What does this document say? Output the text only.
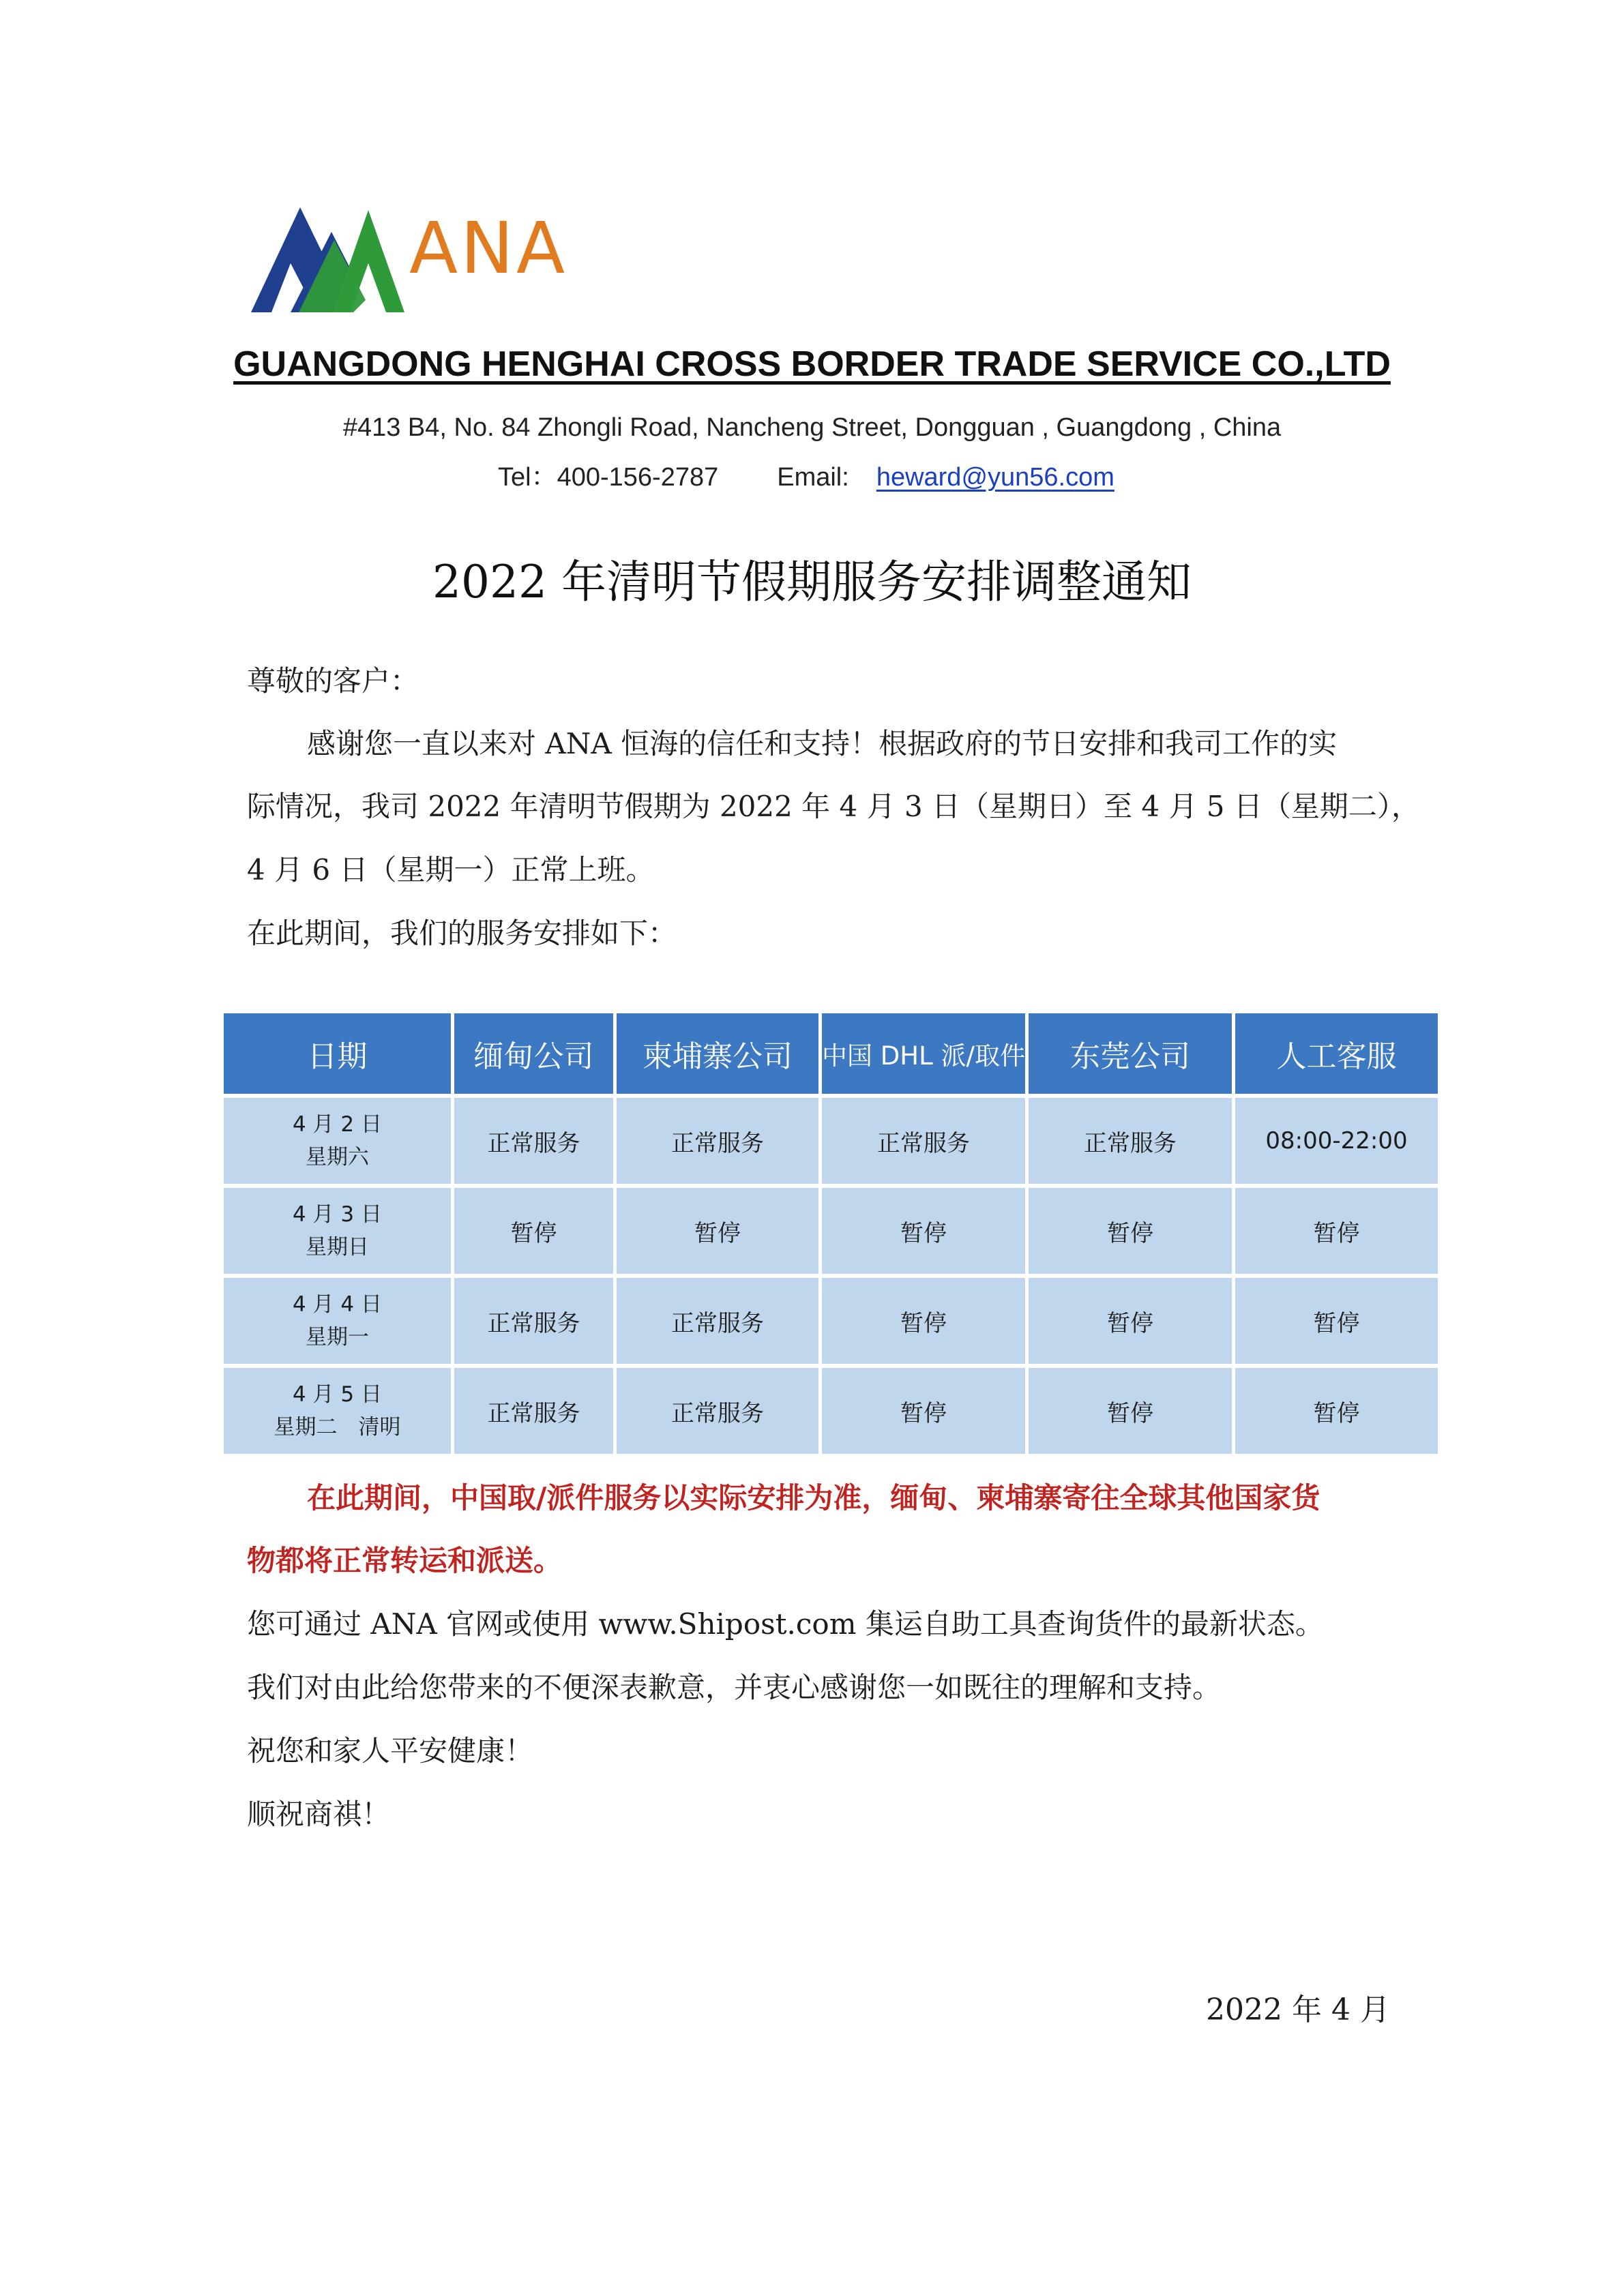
ANA
GUANGDONG HENGHAI CROSS BORDER TRADE SERVICE CO.,LTD
#413 B4, No. 84 Zhongli Road, Nancheng Street, Dongguan , Guangdong , China
Tel：400-156-2787 Email: heward@yun56.com
2022 年清明节假期服务安排调整通知
尊敬的客户：
感谢您一直以来对 ANA 恒海的信任和支持！根据政府的节日安排和我司工作的实
际情况，我司 2022 年清明节假期为 2022 年 4 月 3 日（星期日）至 4 月 5 日（星期二），
4 月 6 日（星期一）正常上班。
在此期间，我们的服务安排如下：
日期	缅甸公司	柬埔寨公司	中国 DHL 派/取件	东莞公司	人工客服
4 月 2 日
星期六	正常服务	正常服务	正常服务	正常服务	08:00-22:00
4 月 3 日
星期日	暂停	暂停	暂停	暂停	暂停
4 月 4 日
星期一	正常服务	正常服务	暂停	暂停	暂停
4 月 5 日
星期二　清明	正常服务	正常服务	暂停	暂停	暂停
在此期间，中国取/派件服务以实际安排为准，缅甸、柬埔寨寄往全球其他国家货
物都将正常转运和派送。
您可通过 ANA 官网或使用 www.Shipost.com 集运自助工具查询货件的最新状态。
我们对由此给您带来的不便深表歉意，并衷心感谢您一如既往的理解和支持。
祝您和家人平安健康！
顺祝商祺！
2022 年 4 月
